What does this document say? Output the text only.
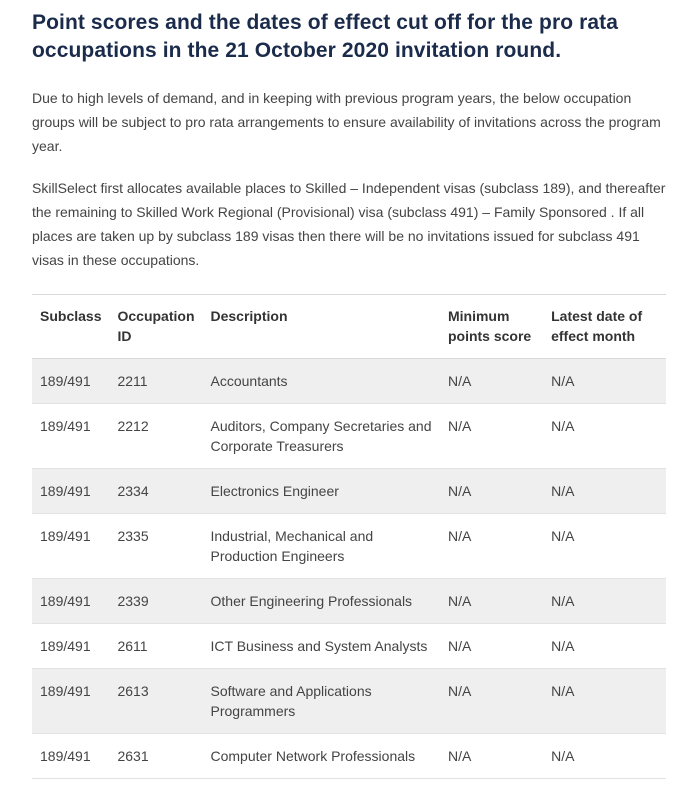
Point scores and the dates of effect cut off for the pro rata occupations in the 21 October 2020 invitation round.

Due to high levels of demand, and in keeping with previous program years, the below occupation groups will be subject to pro rata arrangements to ensure availability of invitations across the program year.

SkillSelect first allocates available places to Skilled – Independent visas (subclass 189), and thereafter the remaining to Skilled Work Regional (Provisional) visa (subclass 491) – Family Sponsored . If all places are taken up by subclass 189 visas then there will be no invitations issued for subclass 491 visas in these occupations.

Subclass	Occupation ID	Description	Minimum points score	Latest date of effect month
189/491	2211	Accountants	N/A	N/A
189/491	2212	Auditors, Company Secretaries and Corporate Treasurers	N/A	N/A
189/491	2334	Electronics Engineer	N/A	N/A
189/491	2335	Industrial, Mechanical and Production Engineers	N/A	N/A
189/491	2339	Other Engineering Professionals	N/A	N/A
189/491	2611	ICT Business and System Analysts	N/A	N/A
189/491	2613	Software and Applications Programmers	N/A	N/A
189/491	2631	Computer Network Professionals	N/A	N/A
